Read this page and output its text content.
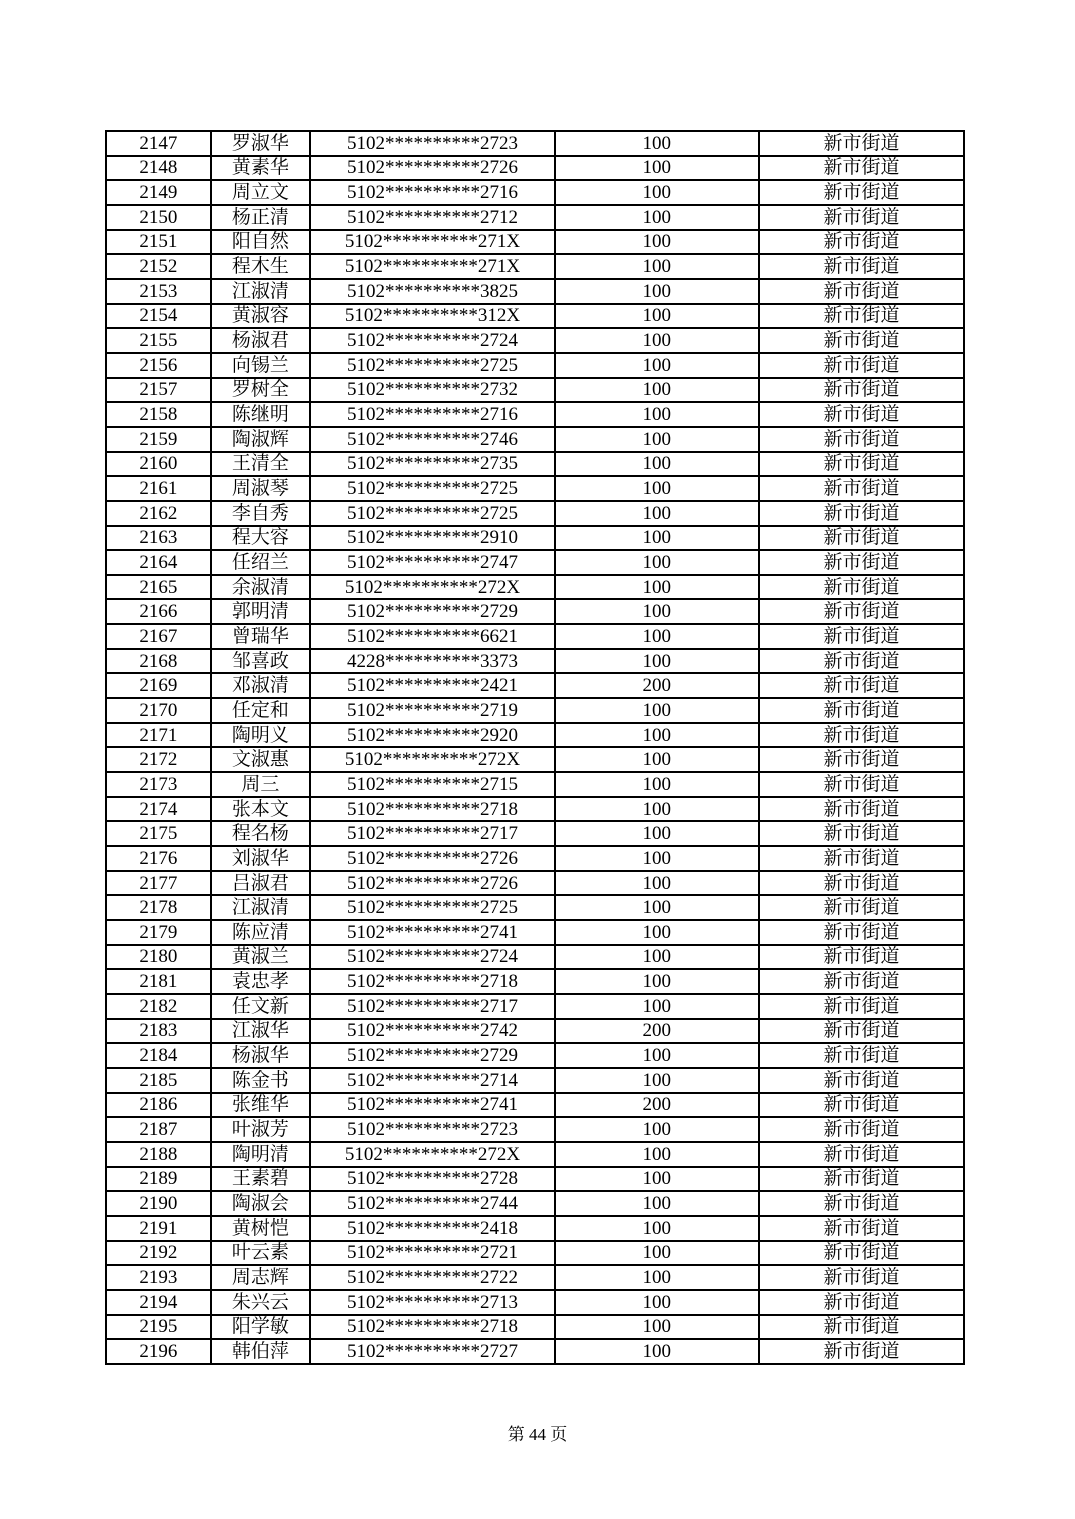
2147	罗淑华	5102**********2723	100	新市街道
2148	黄素华	5102**********2726	100	新市街道
2149	周立文	5102**********2716	100	新市街道
2150	杨正清	5102**********2712	100	新市街道
2151	阳自然	5102**********271X	100	新市街道
2152	程木生	5102**********271X	100	新市街道
2153	江淑清	5102**********3825	100	新市街道
2154	黄淑容	5102**********312X	100	新市街道
2155	杨淑君	5102**********2724	100	新市街道
2156	向锡兰	5102**********2725	100	新市街道
2157	罗树全	5102**********2732	100	新市街道
2158	陈继明	5102**********2716	100	新市街道
2159	陶淑辉	5102**********2746	100	新市街道
2160	王清全	5102**********2735	100	新市街道
2161	周淑琴	5102**********2725	100	新市街道
2162	李自秀	5102**********2725	100	新市街道
2163	程大容	5102**********2910	100	新市街道
2164	任绍兰	5102**********2747	100	新市街道
2165	余淑清	5102**********272X	100	新市街道
2166	郭明清	5102**********2729	100	新市街道
2167	曾瑞华	5102**********6621	100	新市街道
2168	邹喜政	4228**********3373	100	新市街道
2169	邓淑清	5102**********2421	200	新市街道
2170	任定和	5102**********2719	100	新市街道
2171	陶明义	5102**********2920	100	新市街道
2172	文淑惠	5102**********272X	100	新市街道
2173	周三	5102**********2715	100	新市街道
2174	张本文	5102**********2718	100	新市街道
2175	程名杨	5102**********2717	100	新市街道
2176	刘淑华	5102**********2726	100	新市街道
2177	吕淑君	5102**********2726	100	新市街道
2178	江淑清	5102**********2725	100	新市街道
2179	陈应清	5102**********2741	100	新市街道
2180	黄淑兰	5102**********2724	100	新市街道
2181	袁忠孝	5102**********2718	100	新市街道
2182	任文新	5102**********2717	100	新市街道
2183	江淑华	5102**********2742	200	新市街道
2184	杨淑华	5102**********2729	100	新市街道
2185	陈金书	5102**********2714	100	新市街道
2186	张维华	5102**********2741	200	新市街道
2187	叶淑芳	5102**********2723	100	新市街道
2188	陶明清	5102**********272X	100	新市街道
2189	王素碧	5102**********2728	100	新市街道
2190	陶淑会	5102**********2744	100	新市街道
2191	黄树恺	5102**********2418	100	新市街道
2192	叶云素	5102**********2721	100	新市街道
2193	周志辉	5102**********2722	100	新市街道
2194	朱兴云	5102**********2713	100	新市街道
2195	阳学敏	5102**********2718	100	新市街道
2196	韩伯萍	5102**********2727	100	新市街道
第 44 页
